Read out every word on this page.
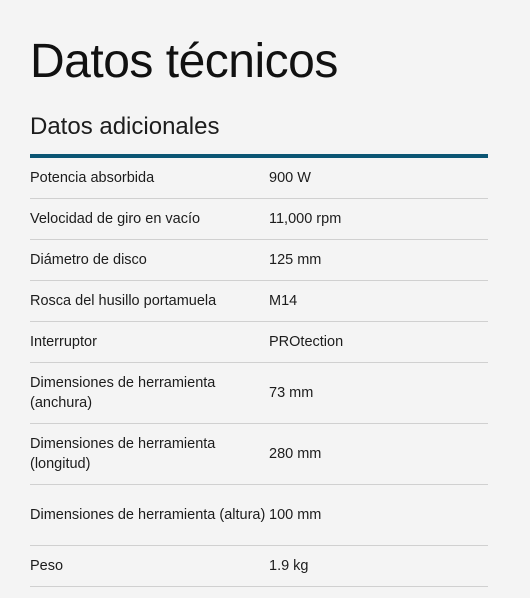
Datos técnicos
Datos adicionales
Potencia absorbida	900 W
Velocidad de giro en vacío	11,000 rpm
Diámetro de disco	125 mm
Rosca del husillo portamuela	M14
Interruptor	PROtection
Dimensiones de herramienta (anchura)	73 mm
Dimensiones de herramienta (longitud)	280 mm
Dimensiones de herramienta (altura)	100 mm
Peso	1.9 kg
